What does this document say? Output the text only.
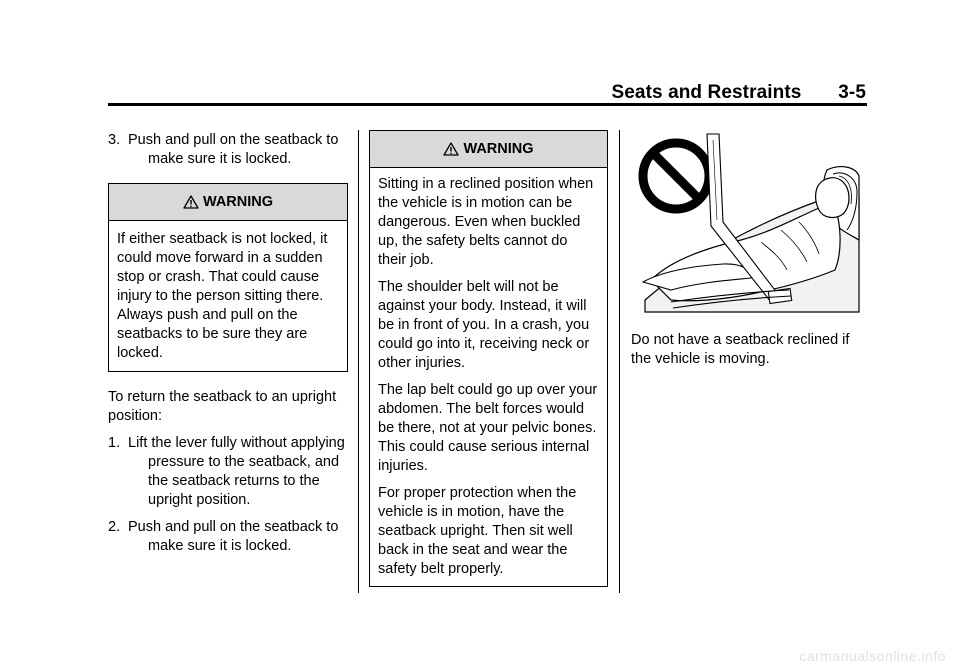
Seats and Restraints 3-5
3. Push and pull on the seatback to make sure it is locked.
WARNING

If either seatback is not locked, it could move forward in a sudden stop or crash. That could cause injury to the person sitting there. Always push and pull on the seatbacks to be sure they are locked.

To return the seatback to an upright position:

1. Lift the lever fully without applying pressure to the seatback, and the seatback returns to the upright position.
2. Push and pull on the seatback to make sure it is locked.
WARNING

Sitting in a reclined position when the vehicle is in motion can be dangerous. Even when buckled up, the safety belts cannot do their job.

The shoulder belt will not be against your body. Instead, it will be in front of you. In a crash, you could go into it, receiving neck or other injuries.

The lap belt could go up over your abdomen. The belt forces would be there, not at your pelvic bones. This could cause serious internal injuries.

For proper protection when the vehicle is in motion, have the seatback upright. Then sit well back in the seat and wear the safety belt properly.

Do not have a seatback reclined if the vehicle is moving.

carmanualsonline.info
